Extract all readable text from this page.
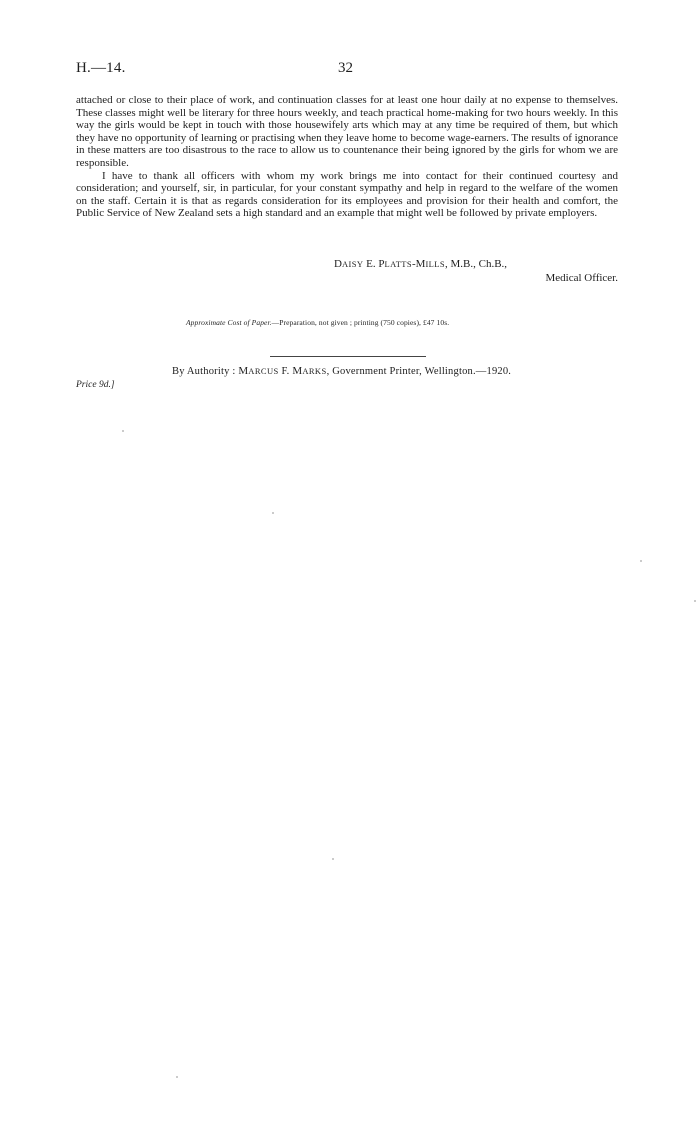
H.—14.	32

attached or close to their place of work, and continuation classes for at least one hour daily at no expense to themselves. These classes might well be literary for three hours weekly, and teach practical home-making for two hours weekly. In this way the girls would be kept in touch with those housewifely arts which may at any time be required of them, but which they have no opportunity of learning or practising when they leave home to become wage-earners. The results of ignorance in these matters are too disastrous to the race to allow us to countenance their being ignored by the girls for whom we are responsible.

I have to thank all officers with whom my work brings me into contact for their continued courtesy and consideration; and yourself, sir, in particular, for your constant sympathy and help in regard to the welfare of the women on the staff. Certain it is that as regards consideration for its employees and provision for their health and comfort, the Public Service of New Zealand sets a high standard and an example that might well be followed by private employers.

DAISY E. PLATTS-MILLS, M.B., Ch.B.,
Medical Officer.
Approximate Cost of Paper.—Preparation, not given ; printing (750 copies), £47 10s.
By Authority : MARCUS F. MARKS, Government Printer, Wellington.—1920.
Price 9d.]
